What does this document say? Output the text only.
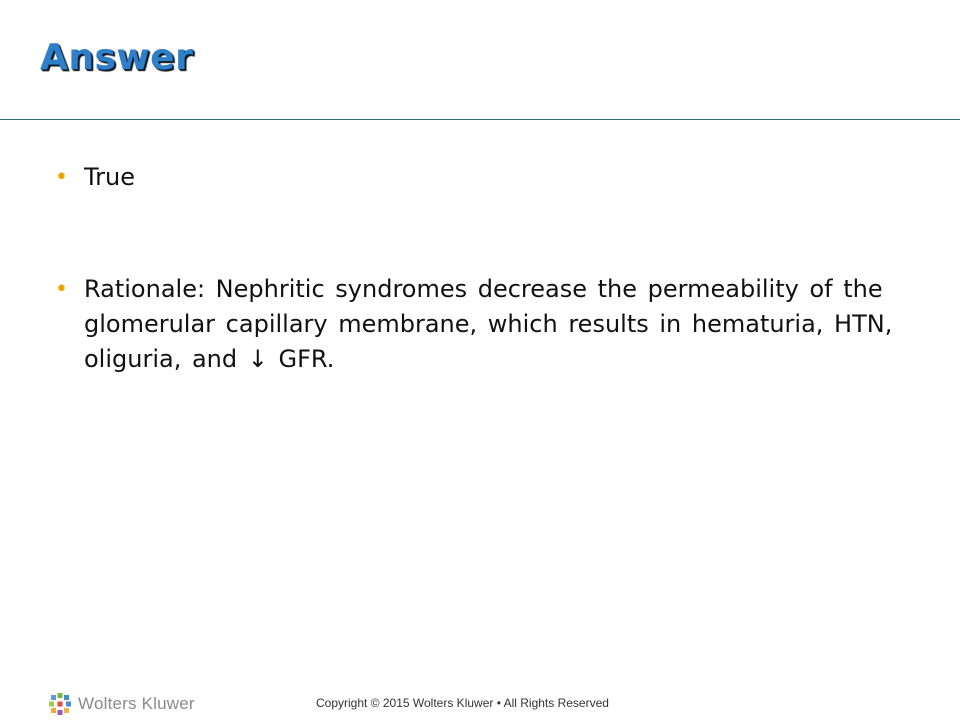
Answer
• True
• Rationale: Nephritic syndromes decrease the permeability of the glomerular capillary membrane, which results in hematuria, HTN, oliguria, and ↓ GFR.
Wolters Kluwer	Copyright © 2015 Wolters Kluwer • All Rights Reserved
